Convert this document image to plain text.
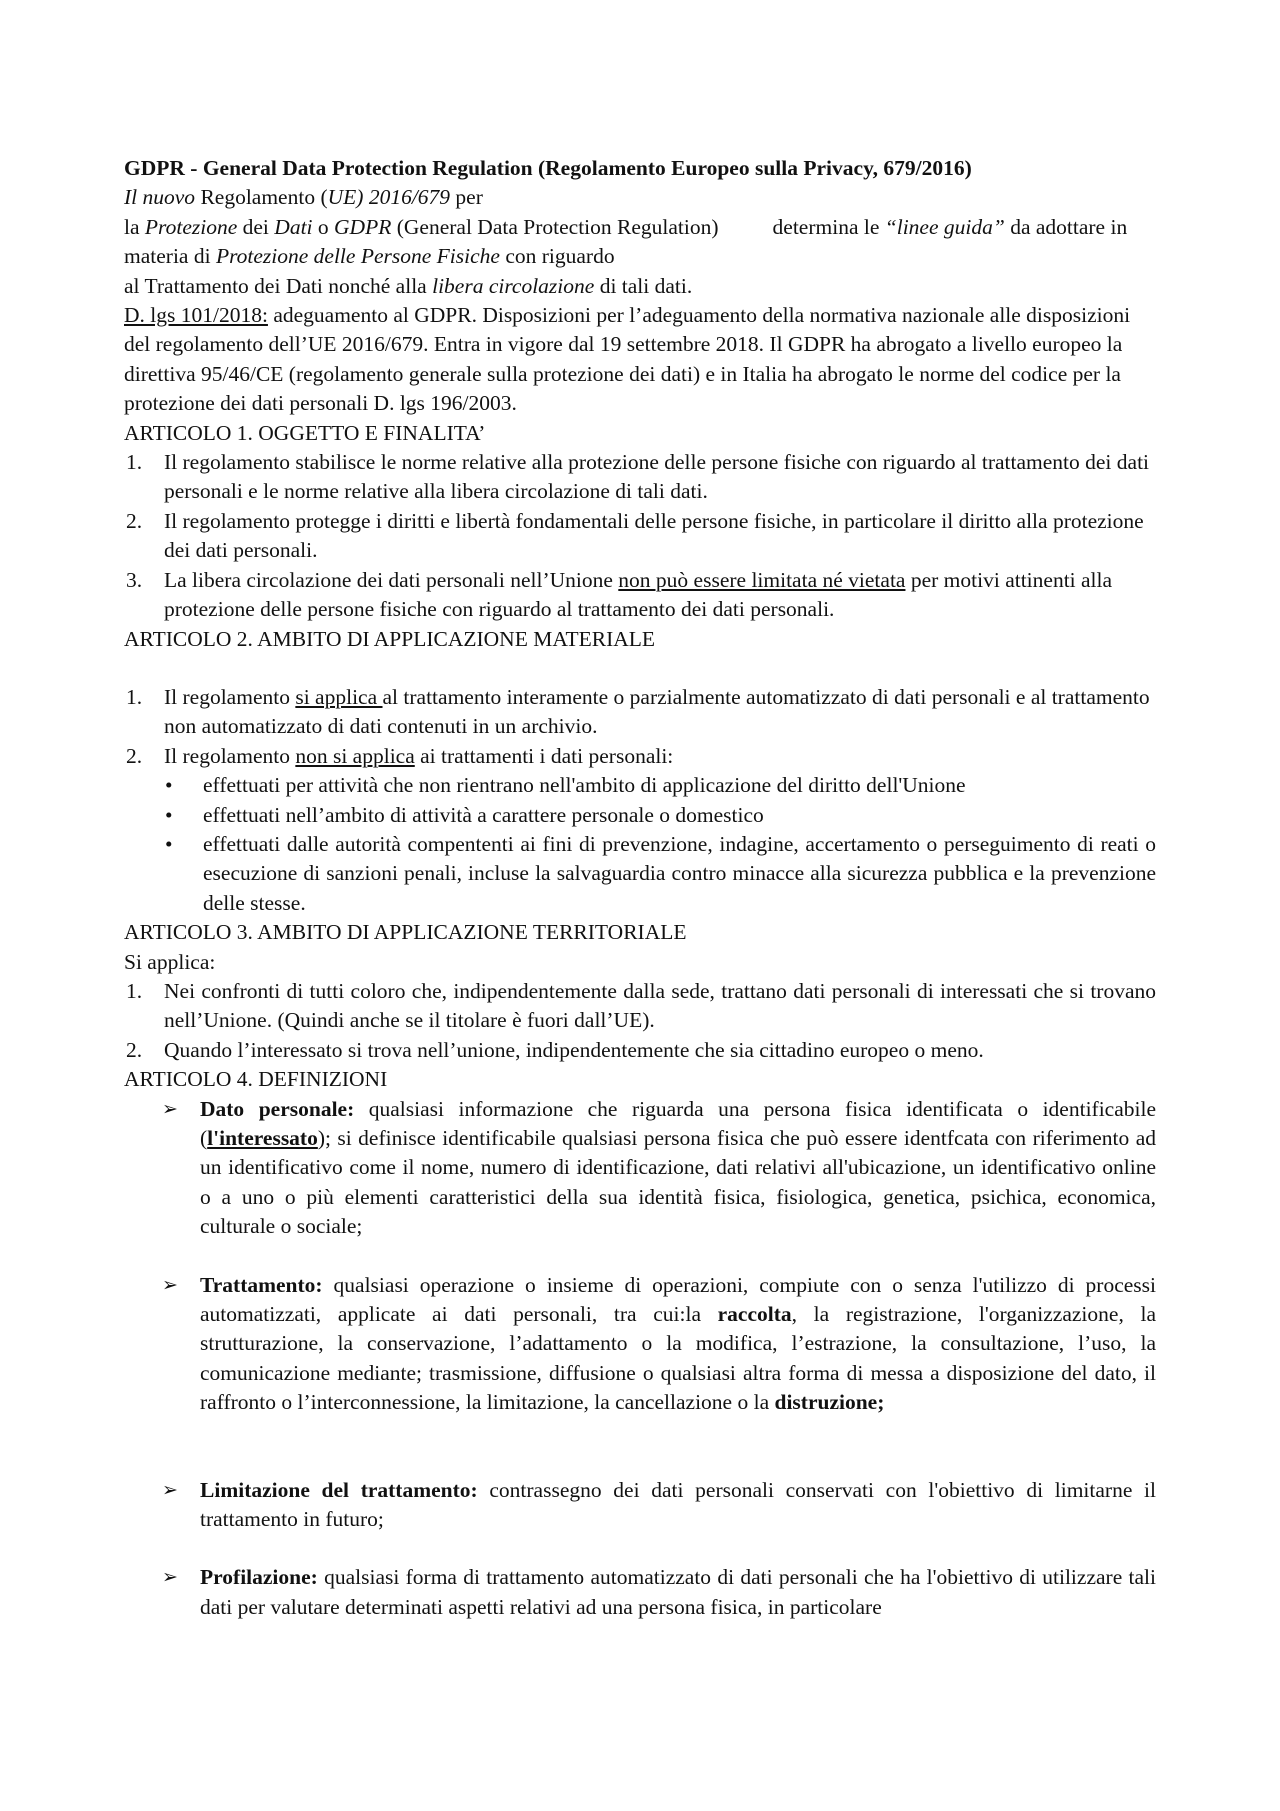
GDPR - General Data Protection Regulation (Regolamento Europeo sulla Privacy, 679/2016)

Il nuovo Regolamento (UE) 2016/679 per

la Protezione dei Dati o GDPR (General Data Protection Regulation)	determina le “linee guida” da adottare in materia di Protezione delle Persone Fisiche con riguardo

al Trattamento dei Dati nonché alla libera circolazione di tali dati.

D. lgs 101/2018: adeguamento al GDPR. Disposizioni per l’adeguamento della normativa nazionale alle disposizioni del regolamento dell’UE 2016/679. Entra in vigore dal 19 settembre 2018. Il GDPR ha abrogato a livello europeo la direttiva 95/46/CE (regolamento generale sulla protezione dei dati) e in Italia ha abrogato le norme del codice per la protezione dei dati personali D. lgs 196/2003.

ARTICOLO 1. OGGETTO E FINALITA’

1.	Il regolamento stabilisce le norme relative alla protezione delle persone fisiche con riguardo al trattamento dei dati personali e le norme relative alla libera circolazione di tali dati.
2.	Il regolamento protegge i diritti e libertà fondamentali delle persone fisiche, in particolare il diritto alla protezione dei dati personali.
3.	La libera circolazione dei dati personali nell’Unione non può essere limitata né vietata per motivi attinenti alla protezione delle persone fisiche con riguardo al trattamento dei dati personali.

ARTICOLO 2. AMBITO DI APPLICAZIONE MATERIALE

1.	Il regolamento si applica al trattamento interamente o parzialmente automatizzato di dati personali e al trattamento non automatizzato di dati contenuti in un archivio.
2.	Il regolamento non si applica ai trattamenti i dati personali:
•	effettuati per attività che non rientrano nell'ambito di applicazione del diritto dell'Unione
•	effettuati nell’ambito di attività a carattere personale o domestico
•	effettuati dalle autorità compententi ai fini di prevenzione, indagine, accertamento o perseguimento di reati o esecuzione di sanzioni penali, incluse la salvaguardia contro minacce alla sicurezza pubblica e la prevenzione delle stesse.

ARTICOLO 3. AMBITO DI APPLICAZIONE TERRITORIALE

Si applica:

1.	Nei confronti di tutti coloro che, indipendentemente dalla sede, trattano dati personali di interessati che si trovano nell’Unione. (Quindi anche se il titolare è fuori dall’UE).
2.	Quando l’interessato si trova nell’unione, indipendentemente che sia cittadino europeo o meno.

ARTICOLO 4. DEFINIZIONI

➢	Dato personale: qualsiasi informazione che riguarda una persona fisica identificata o identificabile (l'interessato); si definisce identificabile qualsiasi persona fisica che può essere identfcata con riferimento ad un identificativo come il nome, numero di identificazione, dati relativi all'ubicazione, un identificativo online o a uno o più elementi caratteristici della sua identità fisica, fisiologica, genetica, psichica, economica, culturale o sociale;
➢	Trattamento: qualsiasi operazione o insieme di operazioni, compiute con o senza l'utilizzo di processi automatizzati, applicate ai dati personali, tra cui:la raccolta, la registrazione, l'organizzazione, la strutturazione, la conservazione, l’adattamento o la modifica, l’estrazione, la consultazione, l’uso, la comunicazione mediante; trasmissione, diffusione o qualsiasi altra forma di messa a disposizione del dato, il raffronto o l’interconnessione, la limitazione, la cancellazione o la distruzione;
➢	Limitazione del trattamento: contrassegno dei dati personali conservati con l'obiettivo di limitarne il trattamento in futuro;
➢	Profilazione: qualsiasi forma di trattamento automatizzato di dati personali che ha l'obiettivo di utilizzare tali dati per valutare determinati aspetti relativi ad una persona fisica, in particolare
